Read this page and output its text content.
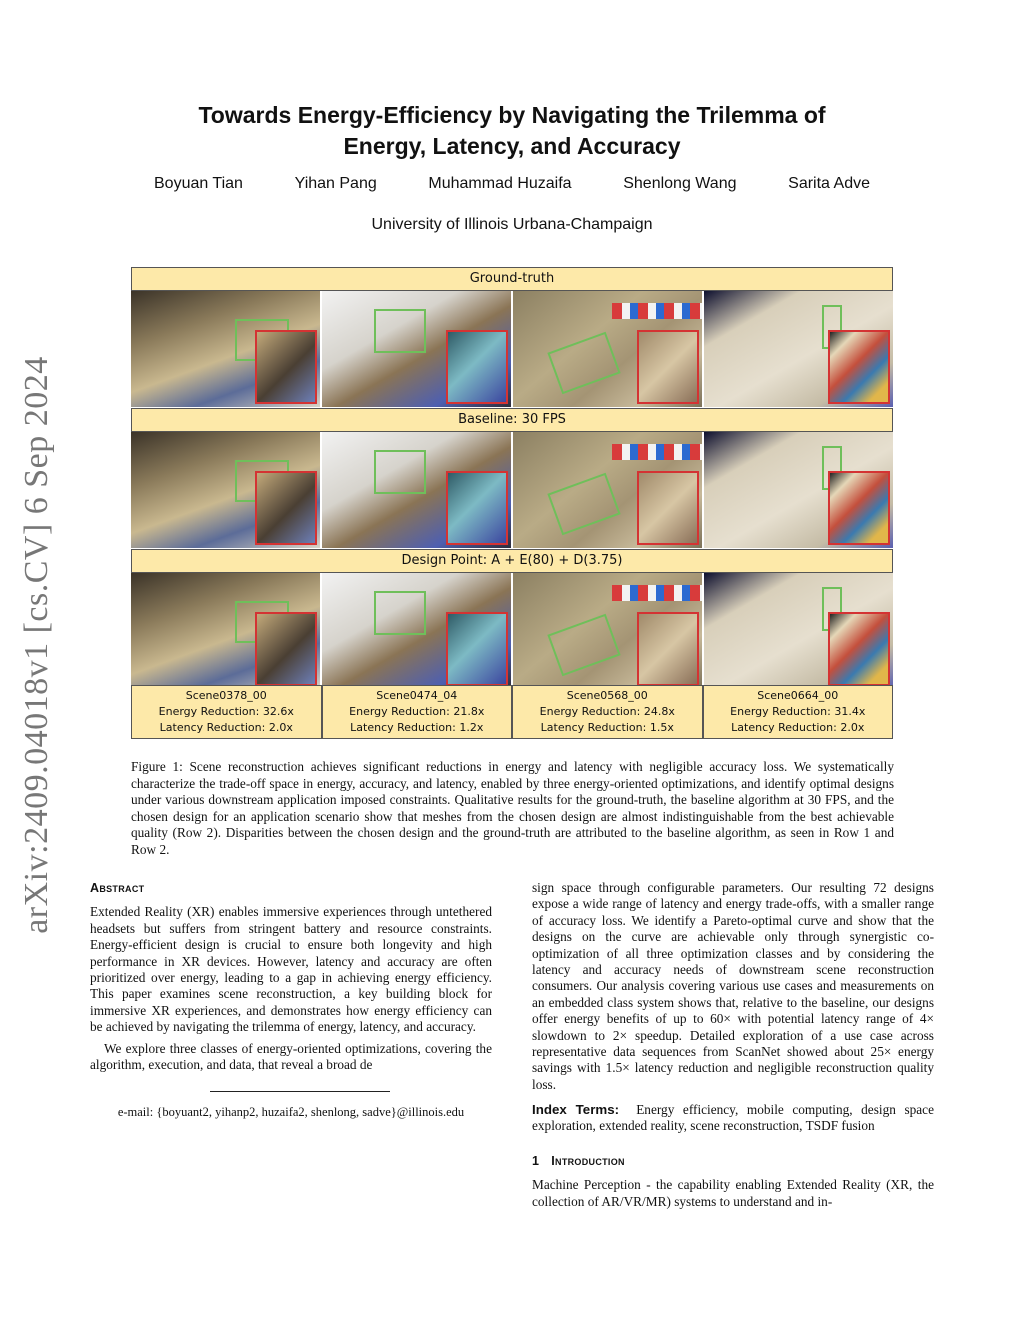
arXiv:2409.04018v1 [cs.CV] 6 Sep 2024
Towards Energy-Efficiency by Navigating the Trilemma of
Energy, Latency, and Accuracy
Boyuan Tian	Yihan Pang	Muhammad Huzaifa	Shenlong Wang	Sarita Adve
University of Illinois Urbana-Champaign
Ground-truth
Baseline: 30 FPS
Design Point: A + E(80) + D(3.75)
Scene0378_00
Energy Reduction: 32.6x
Latency Reduction: 2.0x
Scene0474_04
Energy Reduction: 21.8x
Latency Reduction: 1.2x
Scene0568_00
Energy Reduction: 24.8x
Latency Reduction: 1.5x
Scene0664_00
Energy Reduction: 31.4x
Latency Reduction: 2.0x
Figure 1: Scene reconstruction achieves significant reductions in energy and latency with negligible accuracy loss. We systematically characterize the trade-off space in energy, accuracy, and latency, enabled by three energy-oriented optimizations, and identify optimal designs under various downstream application imposed constraints. Qualitative results for the ground-truth, the baseline algorithm at 30 FPS, and the chosen design for an application scenario show that meshes from the chosen design are almost indistinguishable from the best achievable quality (Row 2). Disparities between the chosen design and the ground-truth are attributed to the baseline algorithm, as seen in Row 1 and Row 2.
Abstract

Extended Reality (XR) enables immersive experiences through untethered headsets but suffers from stringent battery and resource constraints. Energy-efficient design is crucial to ensure both longevity and high performance in XR devices. However, latency and accuracy are often prioritized over energy, leading to a gap in achieving energy efficiency. This paper examines scene reconstruction, a key building block for immersive XR experiences, and demonstrates how energy efficiency can be achieved by navigating the trilemma of energy, latency, and accuracy.

We explore three classes of energy-oriented optimizations, covering the algorithm, execution, and data, that reveal a broad de

e-mail: {boyuant2, yihanp2, huzaifa2, shenlong, sadve}@illinois.edu

sign space through configurable parameters. Our resulting 72 designs expose a wide range of latency and energy trade-offs, with a smaller range of accuracy loss. We identify a Pareto-optimal curve and show that the designs on the curve are achievable only through synergistic co-optimization of all three optimization classes and by considering the latency and accuracy needs of downstream scene reconstruction consumers. Our analysis covering various use cases and measurements on an embedded class system shows that, relative to the baseline, our designs offer energy benefits of up to 60× with potential latency range of 4× slowdown to 2× speedup. Detailed exploration of a use case across representative data sequences from ScanNet showed about 25× energy savings with 1.5× latency reduction and negligible reconstruction quality loss.

Index Terms: Energy efficiency, mobile computing, design space exploration, extended reality, scene reconstruction, TSDF fusion

1 Introduction

Machine Perception - the capability enabling Extended Reality (XR, the collection of AR/VR/MR) systems to understand and in-
